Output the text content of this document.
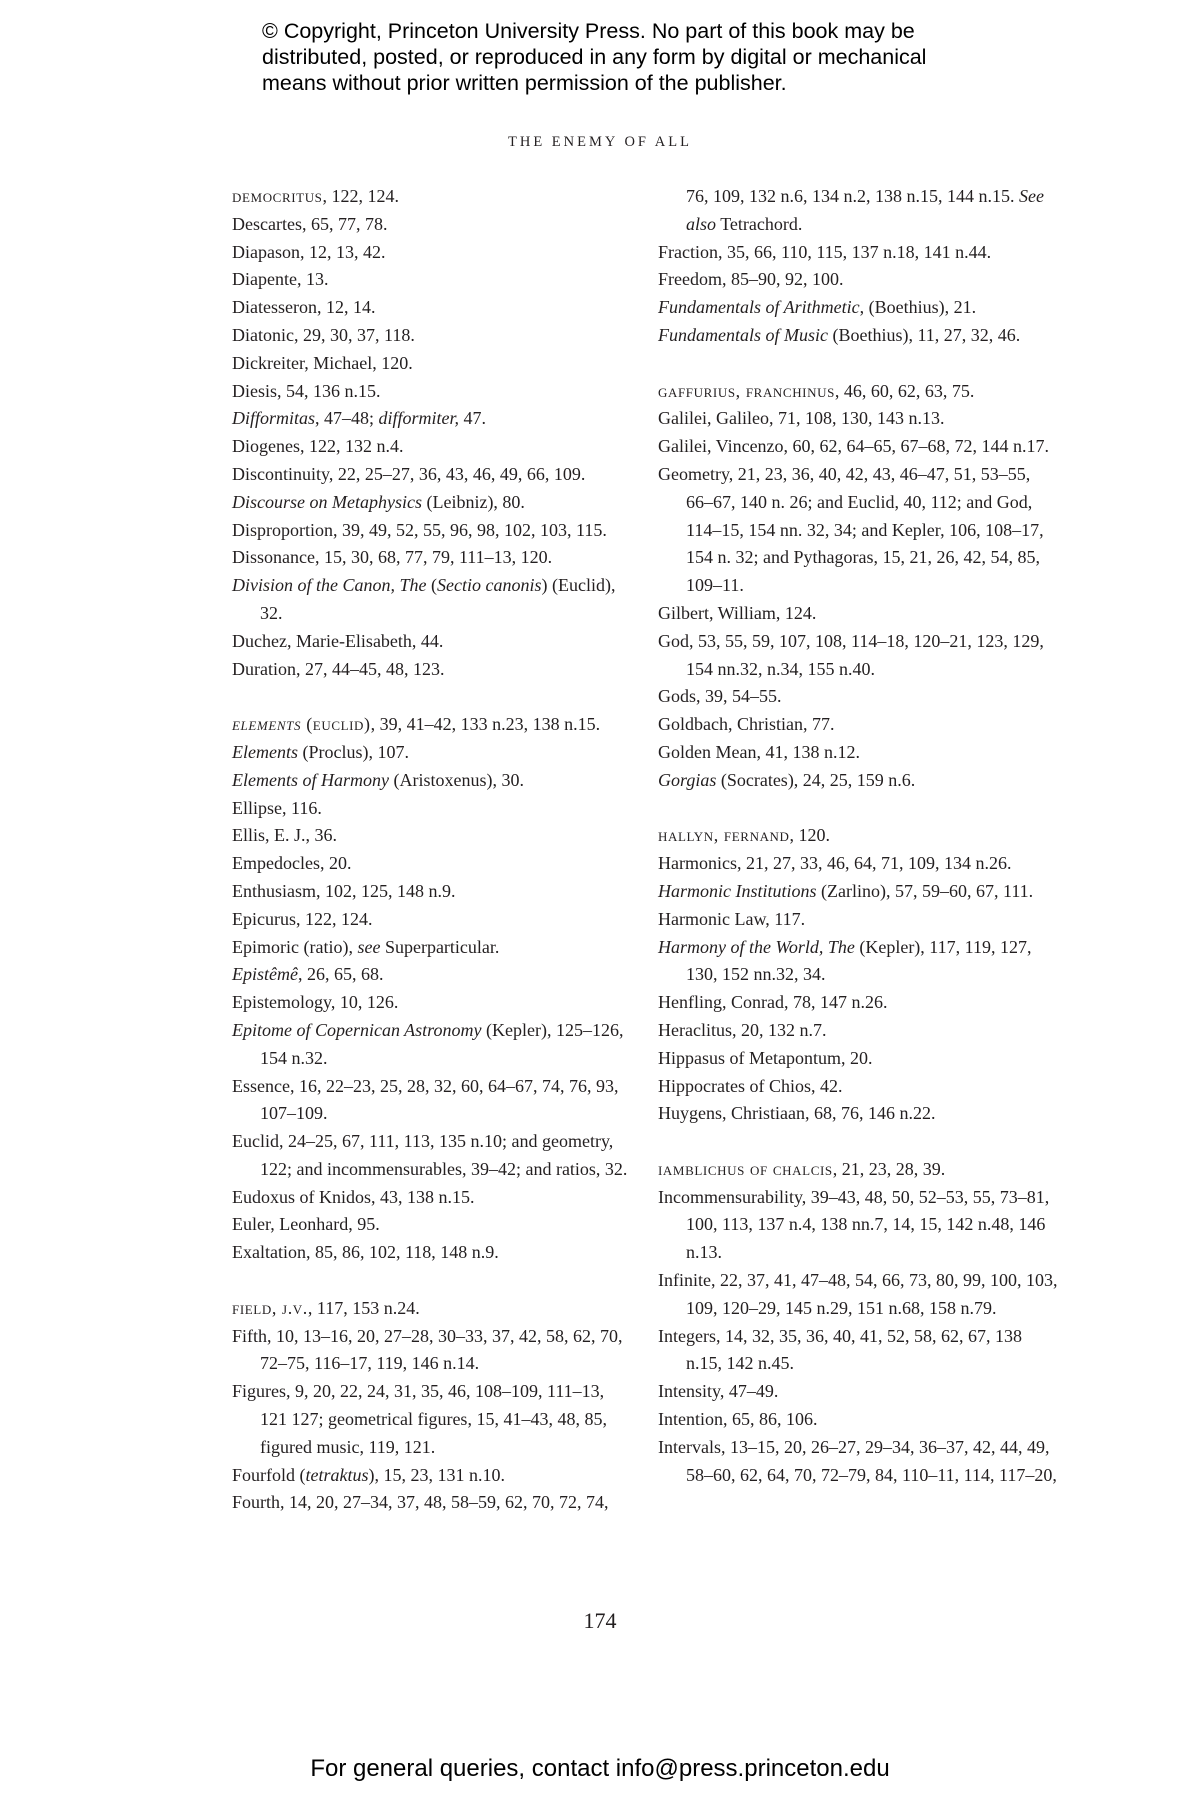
© Copyright, Princeton University Press. No part of this book may be
distributed, posted, or reproduced in any form by digital or mechanical
means without prior written permission of the publisher.
THE ENEMY OF ALL
democritus, 122, 124.
Descartes, 65, 77, 78.
Diapason, 12, 13, 42.
Diapente, 13.
Diatesseron, 12, 14.
Diatonic, 29, 30, 37, 118.
Dickreiter, Michael, 120.
Diesis, 54, 136 n.15.
Difformitas, 47–48; difformiter, 47.
Diogenes, 122, 132 n.4.
Discontinuity, 22, 25–27, 36, 43, 46, 49, 66, 109.
Discourse on Metaphysics (Leibniz), 80.
Disproportion, 39, 49, 52, 55, 96, 98, 102, 103, 115.
Dissonance, 15, 30, 68, 77, 79, 111–13, 120.
Division of the Canon, The (Sectio canonis) (Euclid), 32.
Duchez, Marie-Elisabeth, 44.
Duration, 27, 44–45, 48, 123.
elements (euclid), 39, 41–42, 133 n.23, 138 n.15.
Elements (Proclus), 107.
Elements of Harmony (Aristoxenus), 30.
Ellipse, 116.
Ellis, E. J., 36.
Empedocles, 20.
Enthusiasm, 102, 125, 148 n.9.
Epicurus, 122, 124.
Epimoric (ratio), see Superparticular.
Epistêmê, 26, 65, 68.
Epistemology, 10, 126.
Epitome of Copernican Astronomy (Kepler), 125–126, 154 n.32.
Essence, 16, 22–23, 25, 28, 32, 60, 64–67, 74, 76, 93, 107–109.
Euclid, 24–25, 67, 111, 113, 135 n.10; and geometry, 122; and incommensurables, 39–42; and ratios, 32.
Eudoxus of Knidos, 43, 138 n.15.
Euler, Leonhard, 95.
Exaltation, 85, 86, 102, 118, 148 n.9.
field, j.v., 117, 153 n.24.
Fifth, 10, 13–16, 20, 27–28, 30–33, 37, 42, 58, 62, 70, 72–75, 116–17, 119, 146 n.14.
Figures, 9, 20, 22, 24, 31, 35, 46, 108–109, 111–13, 121 127; geometrical figures, 15, 41–43, 48, 85, figured music, 119, 121.
Fourfold (tetraktus), 15, 23, 131 n.10.
Fourth, 14, 20, 27–34, 37, 48, 58–59, 62, 70, 72, 74,
76, 109, 132 n.6, 134 n.2, 138 n.15, 144 n.15. See also Tetrachord.
Fraction, 35, 66, 110, 115, 137 n.18, 141 n.44.
Freedom, 85–90, 92, 100.
Fundamentals of Arithmetic, (Boethius), 21.
Fundamentals of Music (Boethius), 11, 27, 32, 46.
gaffurius, franchinus, 46, 60, 62, 63, 75.
Galilei, Galileo, 71, 108, 130, 143 n.13.
Galilei, Vincenzo, 60, 62, 64–65, 67–68, 72, 144 n.17.
Geometry, 21, 23, 36, 40, 42, 43, 46–47, 51, 53–55, 66–67, 140 n. 26; and Euclid, 40, 112; and God, 114–15, 154 nn. 32, 34; and Kepler, 106, 108–17, 154 n. 32; and Pythagoras, 15, 21, 26, 42, 54, 85, 109–11.
Gilbert, William, 124.
God, 53, 55, 59, 107, 108, 114–18, 120–21, 123, 129, 154 nn.32, n.34, 155 n.40.
Gods, 39, 54–55.
Goldbach, Christian, 77.
Golden Mean, 41, 138 n.12.
Gorgias (Socrates), 24, 25, 159 n.6.
hallyn, fernand, 120.
Harmonics, 21, 27, 33, 46, 64, 71, 109, 134 n.26.
Harmonic Institutions (Zarlino), 57, 59–60, 67, 111.
Harmonic Law, 117.
Harmony of the World, The (Kepler), 117, 119, 127, 130, 152 nn.32, 34.
Henfling, Conrad, 78, 147 n.26.
Heraclitus, 20, 132 n.7.
Hippasus of Metapontum, 20.
Hippocrates of Chios, 42.
Huygens, Christiaan, 68, 76, 146 n.22.
iamblichus of chalcis, 21, 23, 28, 39.
Incommensurability, 39–43, 48, 50, 52–53, 55, 73–81, 100, 113, 137 n.4, 138 nn.7, 14, 15, 142 n.48, 146 n.13.
Infinite, 22, 37, 41, 47–48, 54, 66, 73, 80, 99, 100, 103, 109, 120–29, 145 n.29, 151 n.68, 158 n.79.
Integers, 14, 32, 35, 36, 40, 41, 52, 58, 62, 67, 138 n.15, 142 n.45.
Intensity, 47–49.
Intention, 65, 86, 106.
Intervals, 13–15, 20, 26–27, 29–34, 36–37, 42, 44, 49, 58–60, 62, 64, 70, 72–79, 84, 110–11, 114, 117–20,
174
For general queries, contact info@press.princeton.edu
